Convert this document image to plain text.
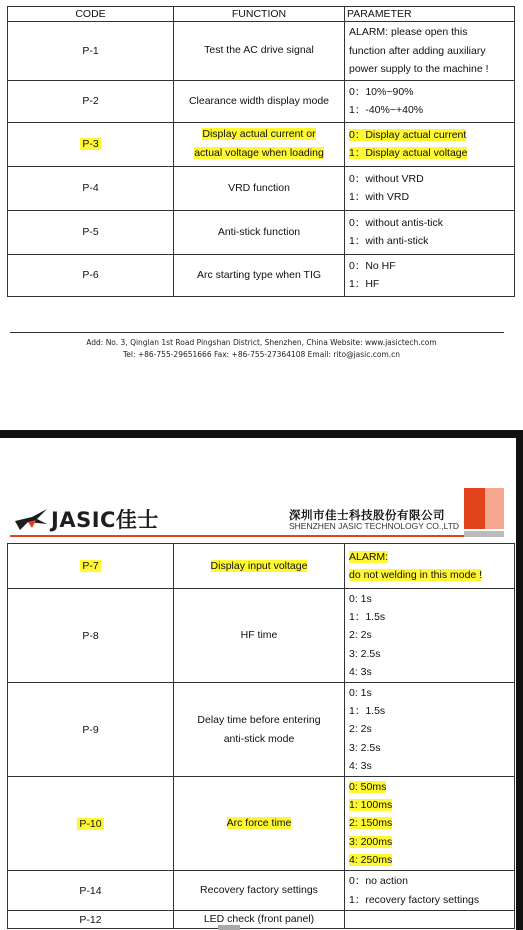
CODE	FUNCTION	PARAMETER
P-1	Test the AC drive signal	ALARM: please open this
function after adding auxiliary
power supply to the machine !

P-2	Clearance width display mode	0：10%~90%
1：-40%~+40%

P-3	Display actual current or
actual voltage when loading	0：Display actual current
1：Display actual voltage

P-4	VRD function	0：without VRD
1：with VRD

P-5	Anti-stick function	0：without antis-tick
1：with anti-stick

P-6	Arc starting type when TIG	0：No HF
1：HF
Add: No. 3, Qinglan 1st Road Pingshan District, Shenzhen, China Website: www.jasictech.com
Tel: +86-755-29651666 Fax: +86-755-27364108 Email: rito@jasic.com.cn
JASIC佳士	深圳市佳士科技股份有限公司
SHENZHEN JASIC TECHNOLOGY CO.,LTD
P-7	Display input voltage	ALARM:
do not welding in this mode !

P-8	HF time	0: 1s
1：1.5s
2: 2s
3: 2.5s
4: 3s

P-9	Delay time before entering
anti-stick mode	0: 1s
1：1.5s
2: 2s
3: 2.5s
4: 3s

P-10	Arc force time	0: 50ms
1: 100ms
2: 150ms
3: 200ms
4: 250ms

P-14	Recovery factory settings	0：no action
1：recovery factory settings

P-12	LED check (front panel)	
